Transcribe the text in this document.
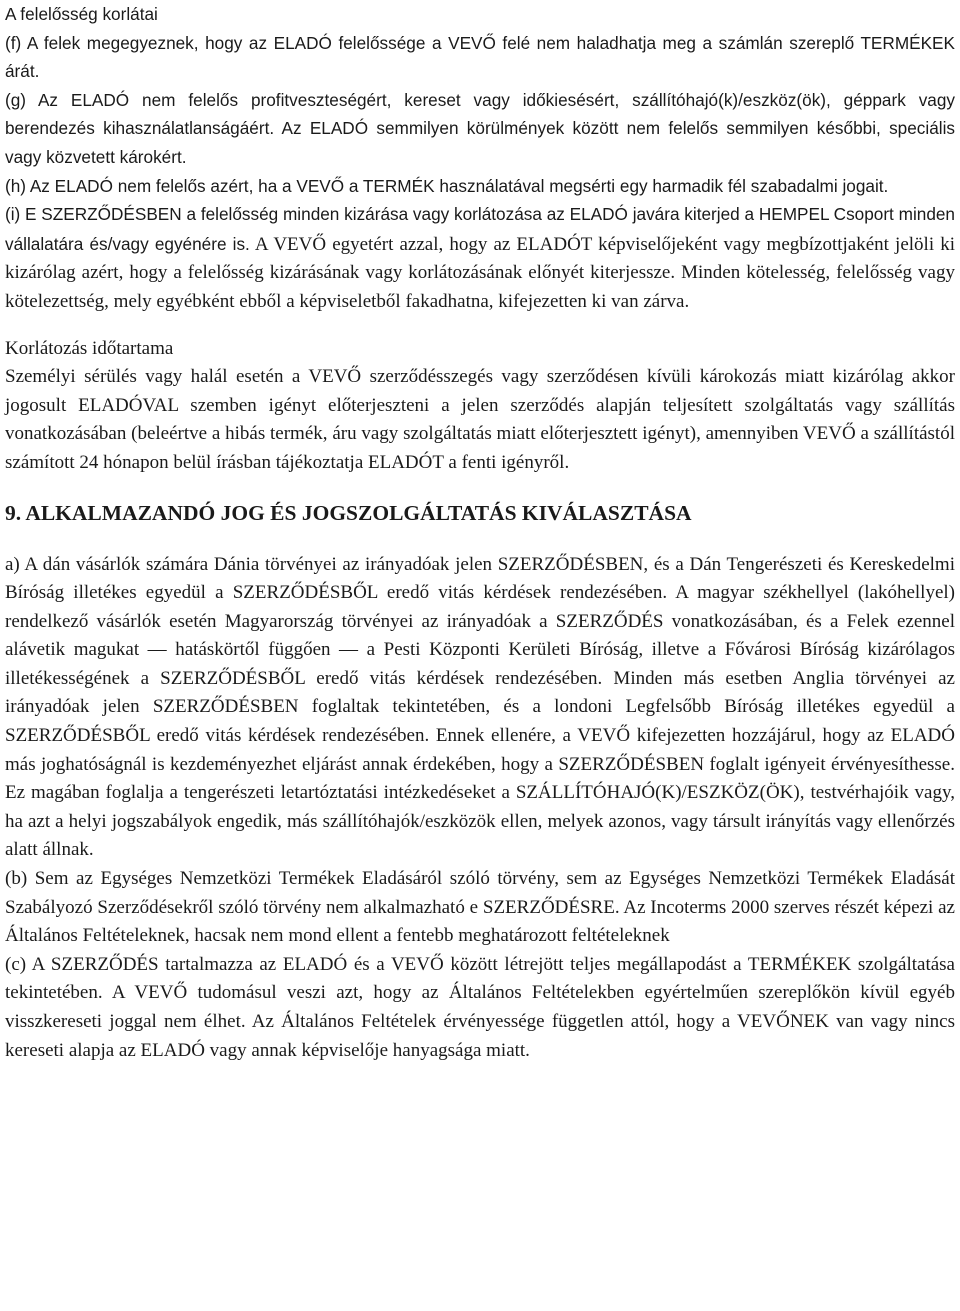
A felelősség korlátai

(f) A felek megegyeznek, hogy az ELADÓ felelőssége a VEVŐ felé nem haladhatja meg a számlán szereplő TERMÉKEK árát.

(g) Az ELADÓ nem felelős profitveszteségért, kereset vagy időkiesésért, szállítóhajó(k)/eszköz(ök), géppark vagy berendezés kihasználatlanságáért. Az ELADÓ semmilyen körülmények között nem felelős semmilyen későbbi, speciális vagy közvetett károkért.

(h) Az ELADÓ nem felelős azért, ha a VEVŐ a TERMÉK használatával megsérti egy harmadik fél szabadalmi jogait.

(i) E SZERZŐDÉSBEN a felelősség minden kizárása vagy korlátozása az ELADÓ javára kiterjed a HEMPEL Csoport minden vállalatára és/vagy egyénére is. A VEVŐ egyetért azzal, hogy az ELADÓT képviselőjeként vagy megbízottjaként jelöli ki kizárólag azért, hogy a felelősség kizárásának vagy korlátozásának előnyét kiterjessze. Minden kötelesség, felelősség vagy kötelezettség, mely egyébként ebből a képviseletből fakadhatna, kifejezetten ki van zárva.

Korlátozás időtartama

Személyi sérülés vagy halál esetén a VEVŐ szerződésszegés vagy szerződésen kívüli károkozás miatt kizárólag akkor jogosult ELADÓVAL szemben igényt előterjeszteni a jelen szerződés alapján teljesített szolgáltatás vagy szállítás vonatkozásában (beleértve a hibás termék, áru vagy szolgáltatás miatt előterjesztett igényt), amennyiben VEVŐ a szállítástól számított 24 hónapon belül írásban tájékoztatja ELADÓT a fenti igényről.

9. ALKALMAZANDÓ JOG ÉS JOGSZOLGÁLTATÁS KIVÁLASZTÁSA

a) A dán vásárlók számára Dánia törvényei az irányadóak jelen SZERZŐDÉSBEN, és a Dán Tengerészeti és Kereskedelmi Bíróság illetékes egyedül a SZERZŐDÉSBŐL eredő vitás kérdések rendezésében. A magyar székhellyel (lakóhellyel) rendelkező vásárlók esetén Magyarország törvényei az irányadóak a SZERZŐDÉS vonatkozásában, és a Felek ezennel alávetik magukat — hatáskörtől függően — a Pesti Központi Kerületi Bíróság, illetve a Fővárosi Bíróság kizárólagos illetékességének a SZERZŐDÉSBŐL eredő vitás kérdések rendezésében. Minden más esetben Anglia törvényei az irányadóak jelen SZERZŐDÉSBEN foglaltak tekintetében, és a londoni Legfelsőbb Bíróság illetékes egyedül a SZERZŐDÉSBŐL eredő vitás kérdések rendezésében. Ennek ellenére, a VEVŐ kifejezetten hozzájárul, hogy az ELADÓ más joghatóságnál is kezdeményezhet eljárást annak érdekében, hogy a SZERZŐDÉSBEN foglalt igényeit érvényesíthesse. Ez magában foglalja a tengerészeti letartóztatási intézkedéseket a SZÁLLÍTÓHAJÓ(K)/ESZKÖZ(ÖK), testvérhajóik vagy, ha azt a helyi jogszabályok engedik, más szállítóhajók/eszközök ellen, melyek azonos, vagy társult irányítás vagy ellenőrzés alatt állnak.

(b) Sem az Egységes Nemzetközi Termékek Eladásáról szóló törvény, sem az Egységes Nemzetközi Termékek Eladását Szabályozó Szerződésekről szóló törvény nem alkalmazható e SZERZŐDÉSRE. Az Incoterms 2000 szerves részét képezi az Általános Feltételeknek, hacsak nem mond ellent a fentebb meghatározott feltételeknek

(c) A SZERZŐDÉS tartalmazza az ELADÓ és a VEVŐ között létrejött teljes megállapodást a TERMÉKEK szolgáltatása tekintetében. A VEVŐ tudomásul veszi azt, hogy az Általános Feltételekben egyértelműen szereplőkön kívül egyéb visszkereseti joggal nem élhet. Az Általános Feltételek érvényessége független attól, hogy a VEVŐNEK van vagy nincs kereseti alapja az ELADÓ vagy annak képviselője hanyagsága miatt.
